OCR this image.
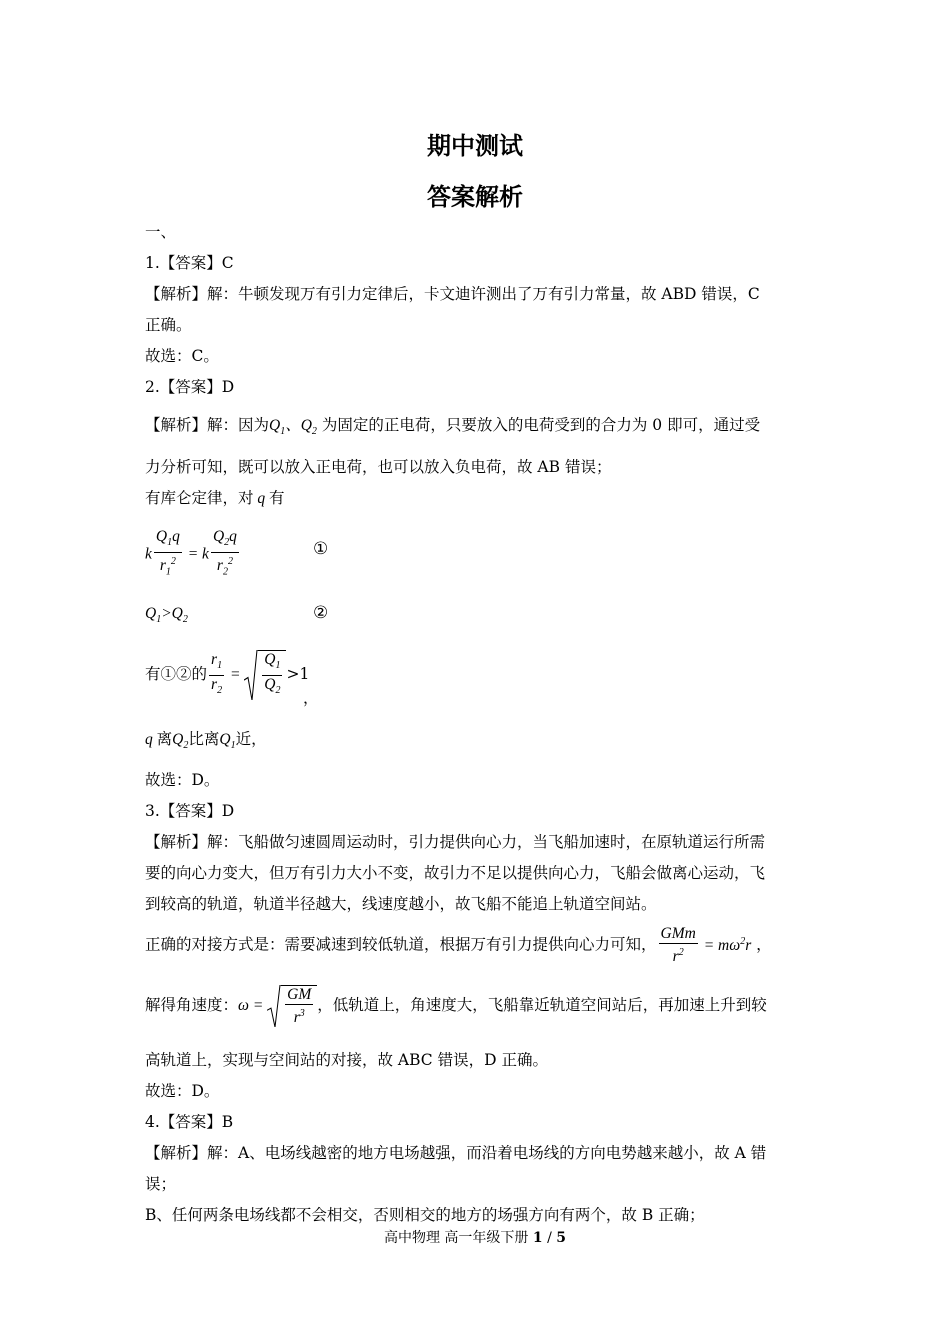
期中测试
答案解析
一、
1.【答案】C
【解析】解：牛顿发现万有引力定律后，卡文迪许测出了万有引力常量，故 ABD 错误，C
正确。
故选：C。
2.【答案】D
【解析】解：因为$Q_1$、$Q_2$ 为固定的正电荷，只要放入的电荷受到的合力为 0 即可，通过受
力分析可知，既可以放入正电荷，也可以放入负电荷，故 AB 错误；
有库仑定律，对 q 有
k $\frac{Q_1q}{r_1^2} = k \frac{Q_2q}{r_2^2}$	①
$Q_1>Q_2$	②
有①②的 $\frac{r_1}{r_2} = \frac{Q_1}{Q_2} >1$
，
q 离$Q_2$比离$Q_1$近，
故选：D。
3.【答案】D
【解析】解：飞船做匀速圆周运动时，引力提供向心力，当飞船加速时，在原轨道运行所需
要的向心力变大，但万有引力大小不变，故引力不足以提供向心力，飞船会做离心运动，飞
到较高的轨道，轨道半径越大，线速度越小，故飞船不能追上轨道空间站。
正确的对接方式是：需要减速到较低轨道，根据万有引力提供向心力可知， $\frac{\text{GMm}}{r^2} = m\omega^2r$ ，
解得角速度：$\omega = \frac{GM}{r^3}$ ，低轨道上，角速度大，飞船靠近轨道空间站后，再加速上升到较
高轨道上，实现与空间站的对接，故 ABC 错误，D 正确。
故选：D。
4.【答案】B
【解析】解：A、电场线越密的地方电场越强，而沿着电场线的方向电势越来越小，故 A 错
误；
B、任何两条电场线都不会相交，否则相交的地方的场强方向有两个，故 B 正确；
高中物理 高一年级下册 1 / 5
